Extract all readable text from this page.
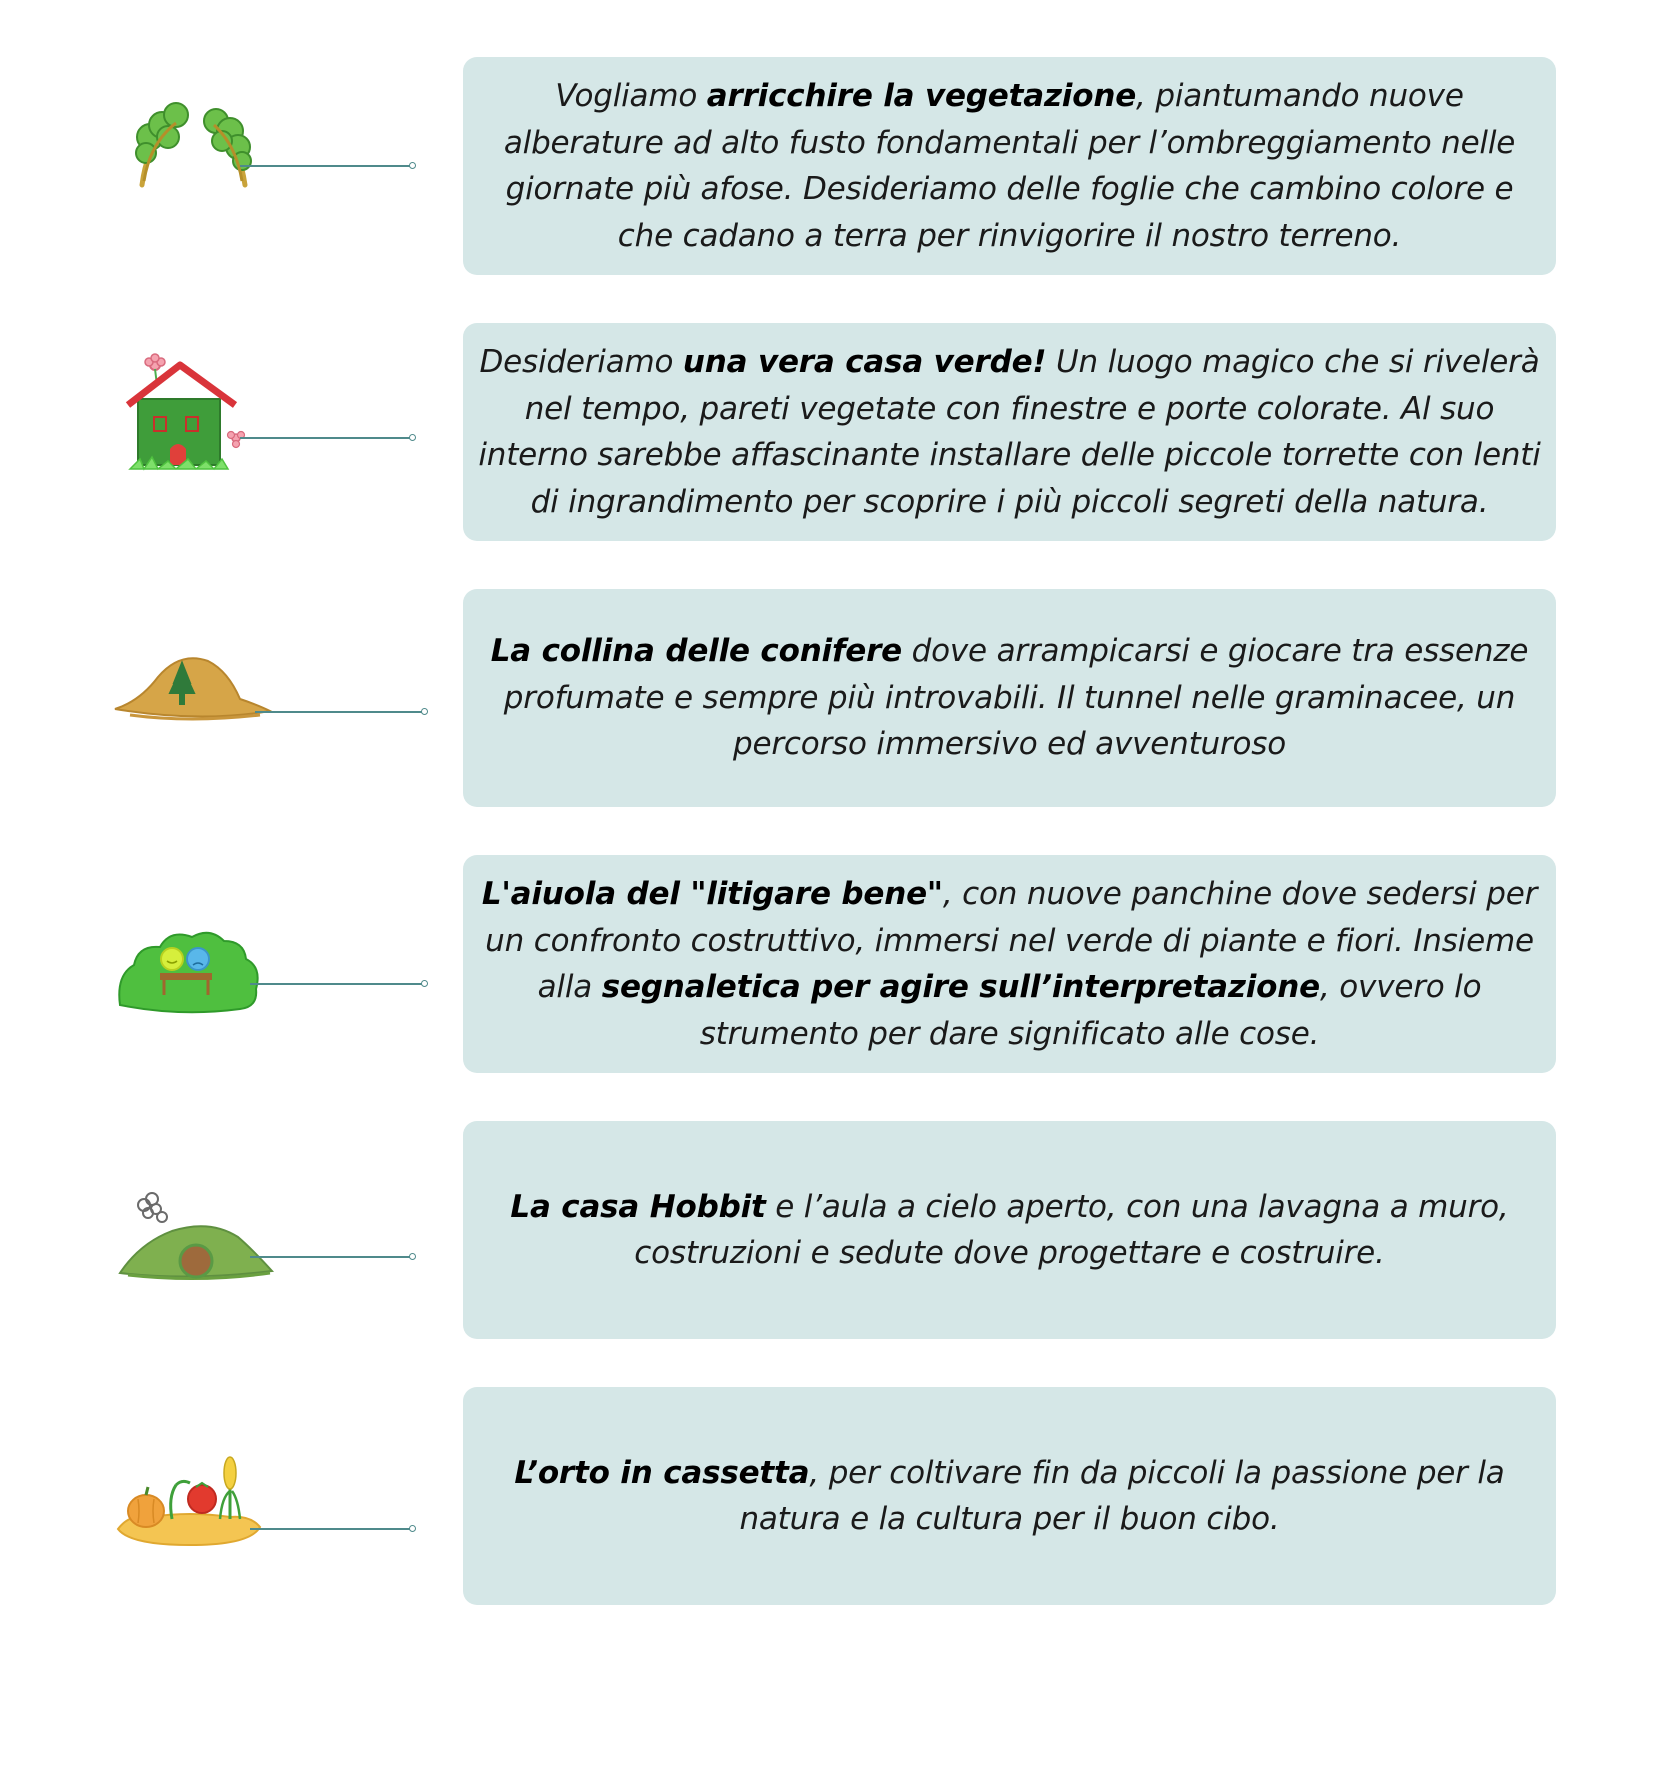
Vogliamo arricchire la vegetazione, piantumando nuove alberature ad alto fusto fondamentali per l’ombreggiamento nelle giornate più afose. Desideriamo delle foglie che cambino colore e che cadano a terra per rinvigorire il nostro terreno.
Desideriamo una vera casa verde! Un luogo magico che si rivelerà nel tempo, pareti vegetate con finestre e porte colorate. Al suo interno sarebbe affascinante installare delle piccole torrette con lenti di ingrandimento per scoprire i più piccoli segreti della natura.
La collina delle conifere dove arrampicarsi e giocare tra essenze profumate e sempre più introvabili. Il tunnel nelle graminacee, un percorso immersivo ed avventuroso
L'aiuola del "litigare bene", con nuove panchine dove sedersi per un confronto costruttivo, immersi nel verde di piante e fiori. Insieme alla segnaletica per agire sull’interpretazione, ovvero lo strumento per dare significato alle cose.
La casa Hobbit e l’aula a cielo aperto, con una lavagna a muro, costruzioni e sedute dove progettare e costruire.
L’orto in cassetta, per coltivare fin da piccoli la passione per la natura e la cultura per il buon cibo.
